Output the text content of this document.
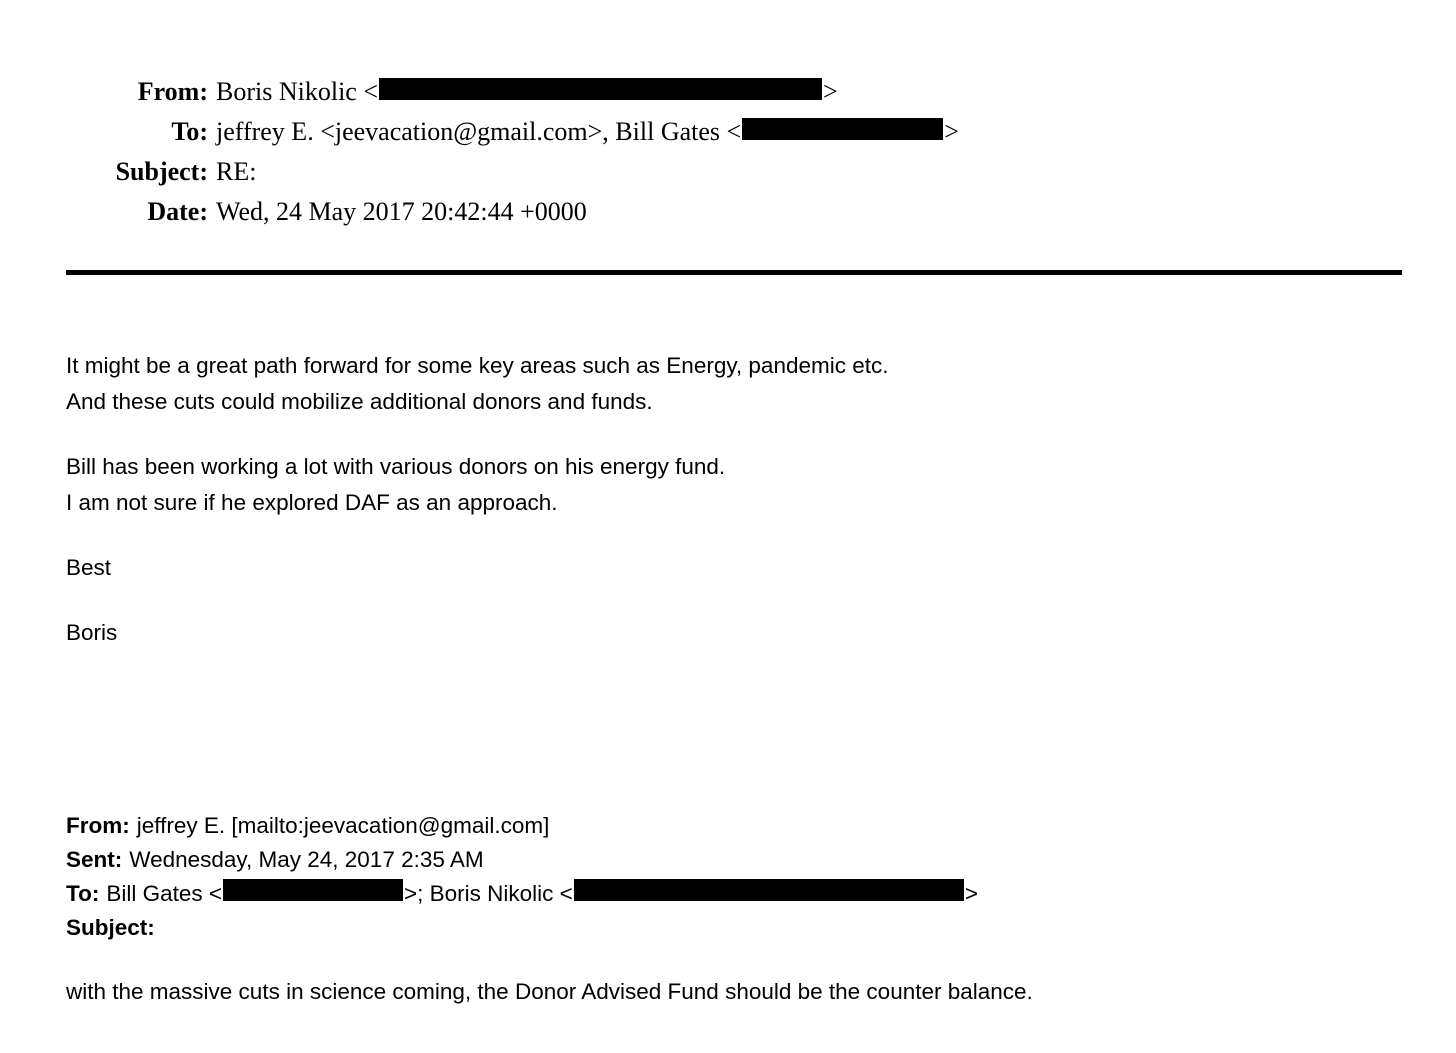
From: Boris Nikolic <	>
To: jeffrey E. <jeevacation@gmail.com>, Bill Gates <	>
Subject: RE:
Date: Wed, 24 May 2017 20:42:44 +0000
It might be a great path forward for some key areas such as Energy, pandemic etc.
And these cuts could mobilize additional donors and funds.
Bill has been working a lot with various donors on his energy fund.
I am not sure if he explored DAF as an approach.
Best
Boris
From: jeffrey E. [mailto:jeevacation@gmail.com]
Sent: Wednesday, May 24, 2017 2:35 AM
To: Bill Gates <	>; Boris Nikolic <	>
Subject:
with the massive cuts in science coming, the Donor Advised Fund should be the counter balance.
